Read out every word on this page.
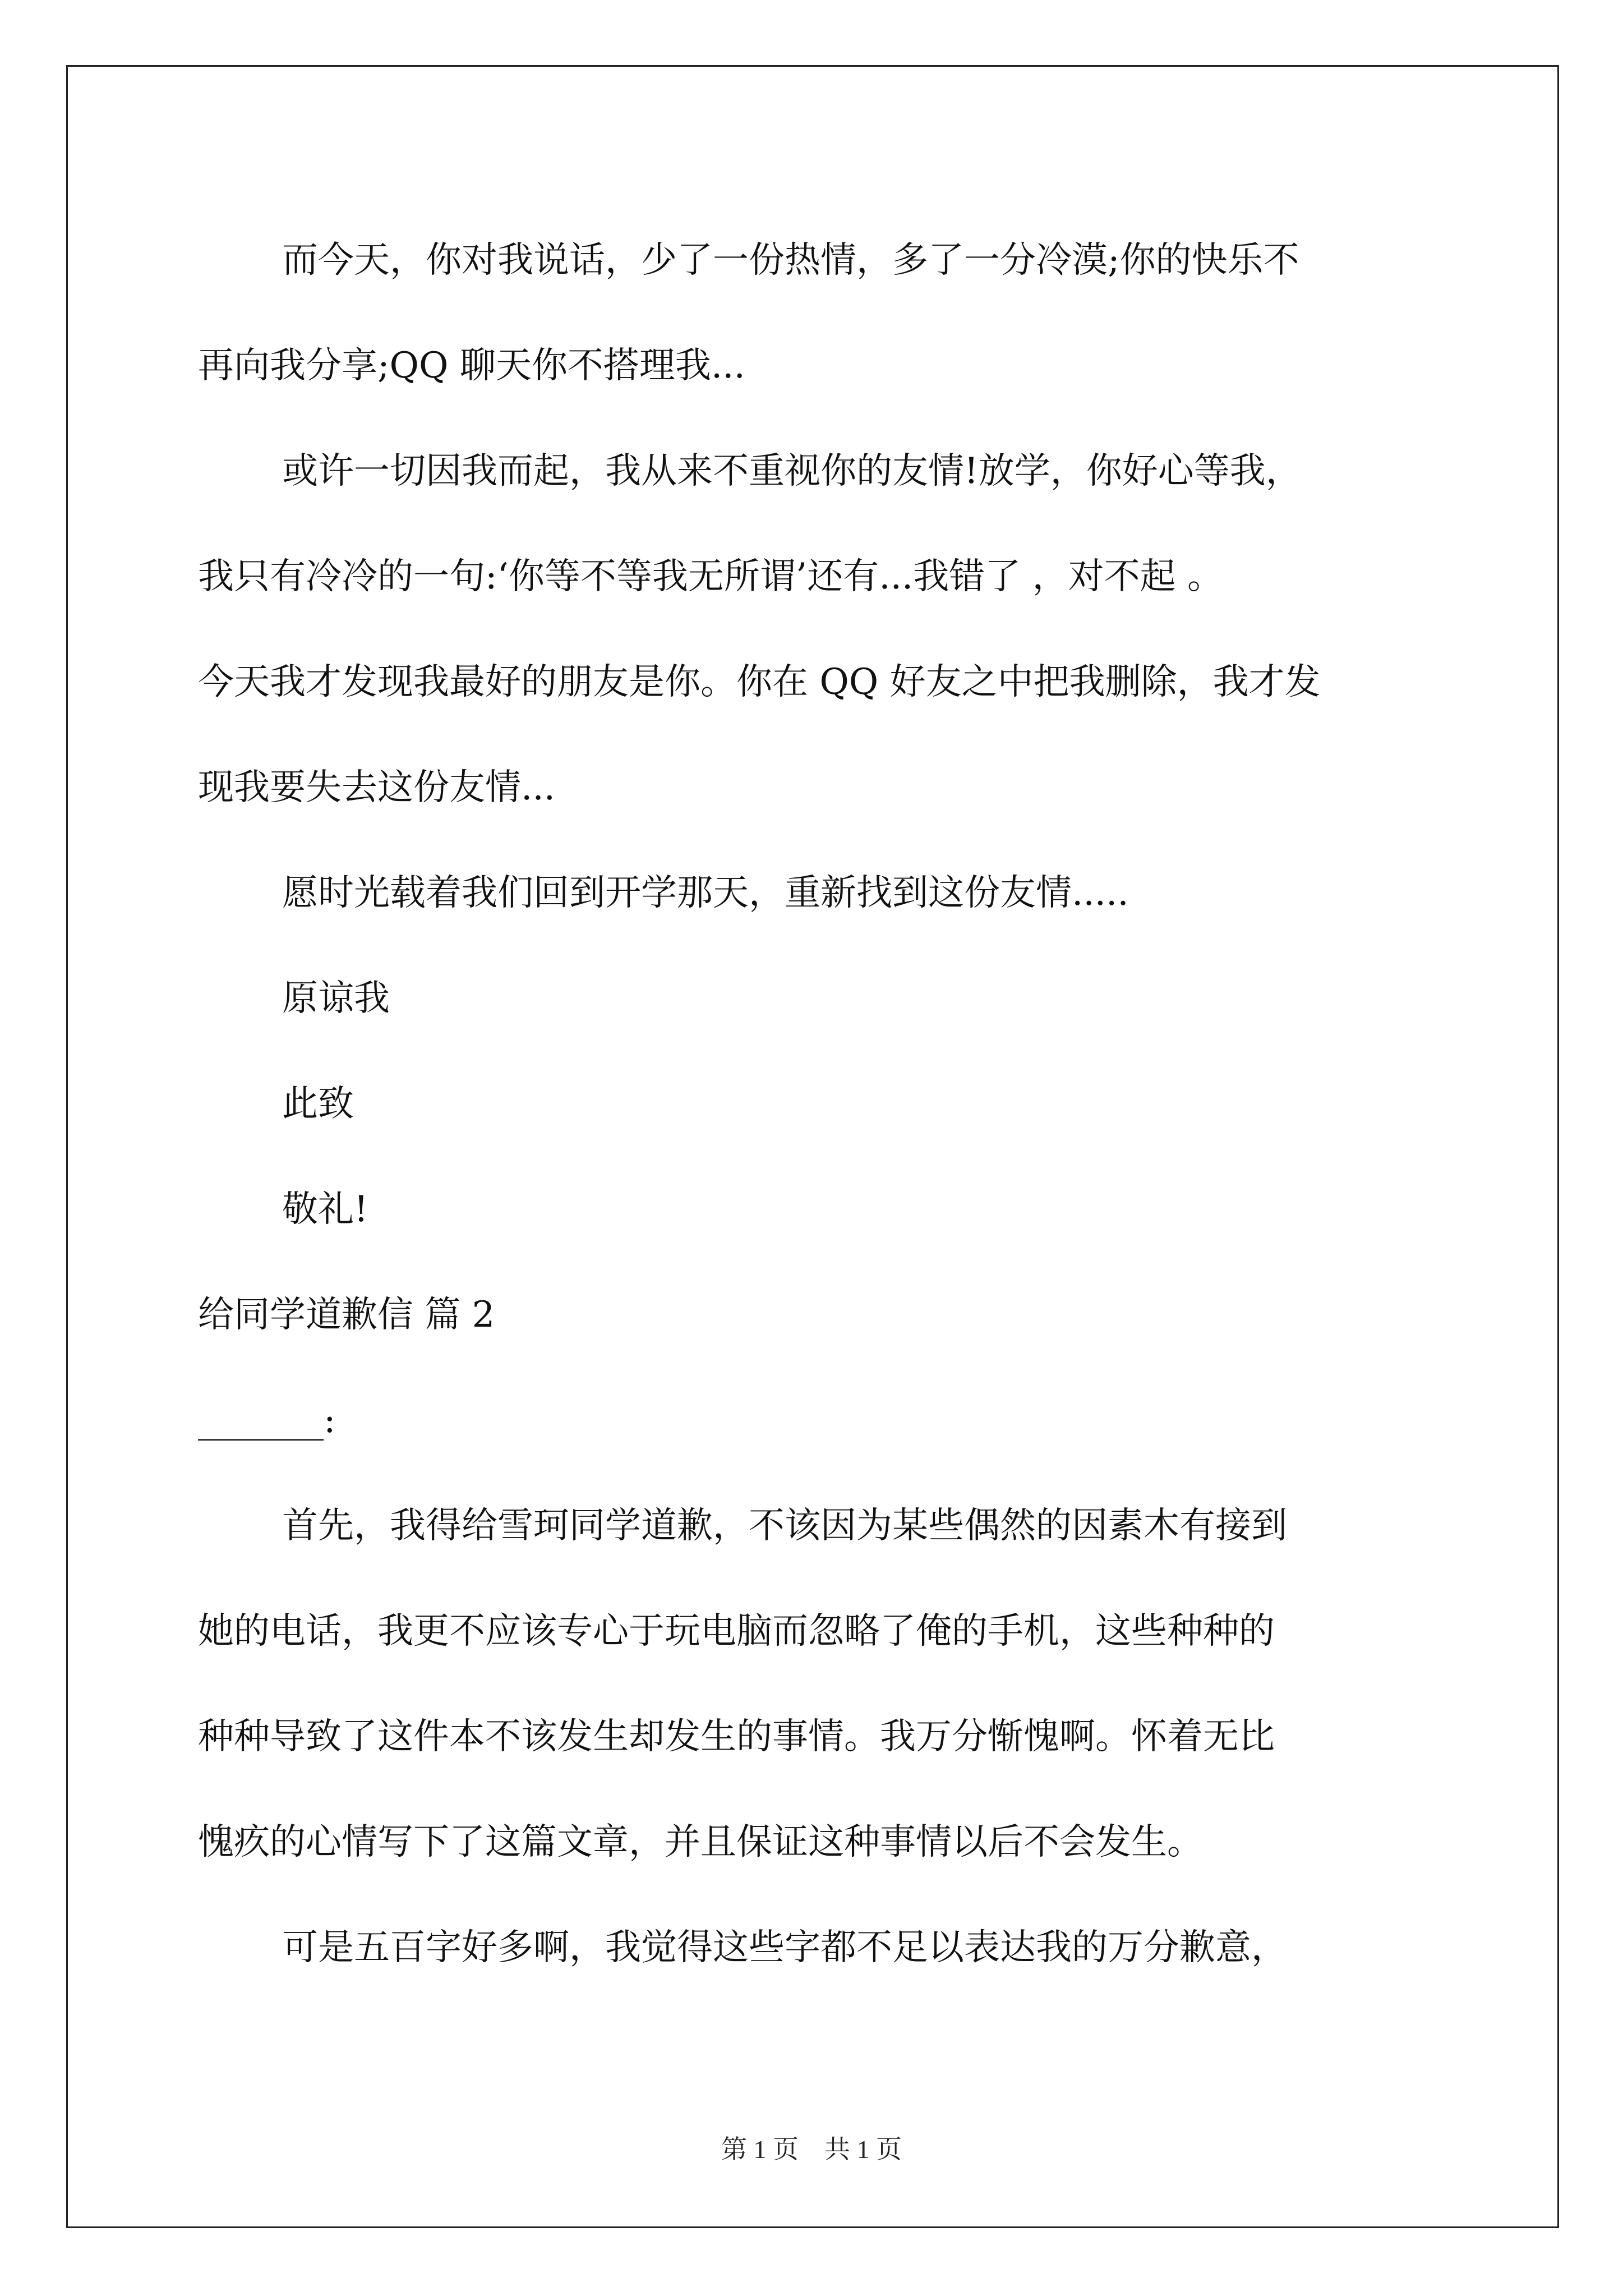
而今天，你对我说话，少了一份热情，多了一分冷漠;你的快乐不
再向我分享;QQ 聊天你不搭理我...
或许一切因我而起，我从来不重视你的友情!放学，你好心等我，
我只有冷冷的一句:‘你等不等我无所谓’还有...我错了 ，对不起 。
今天我才发现我最好的朋友是你。你在 QQ 好友之中把我删除，我才发
现我要失去这份友情...
愿时光载着我们回到开学那天，重新找到这份友情.....
原谅我
此致
敬礼!
给同学道歉信 篇 2
_______:
首先，我得给雪珂同学道歉，不该因为某些偶然的因素木有接到
她的电话，我更不应该专心于玩电脑而忽略了俺的手机，这些种种的
种种导致了这件本不该发生却发生的事情。我万分惭愧啊。怀着无比
愧疚的心情写下了这篇文章，并且保证这种事情以后不会发生。
可是五百字好多啊，我觉得这些字都不足以表达我的万分歉意，
第 1 页　共 1 页
